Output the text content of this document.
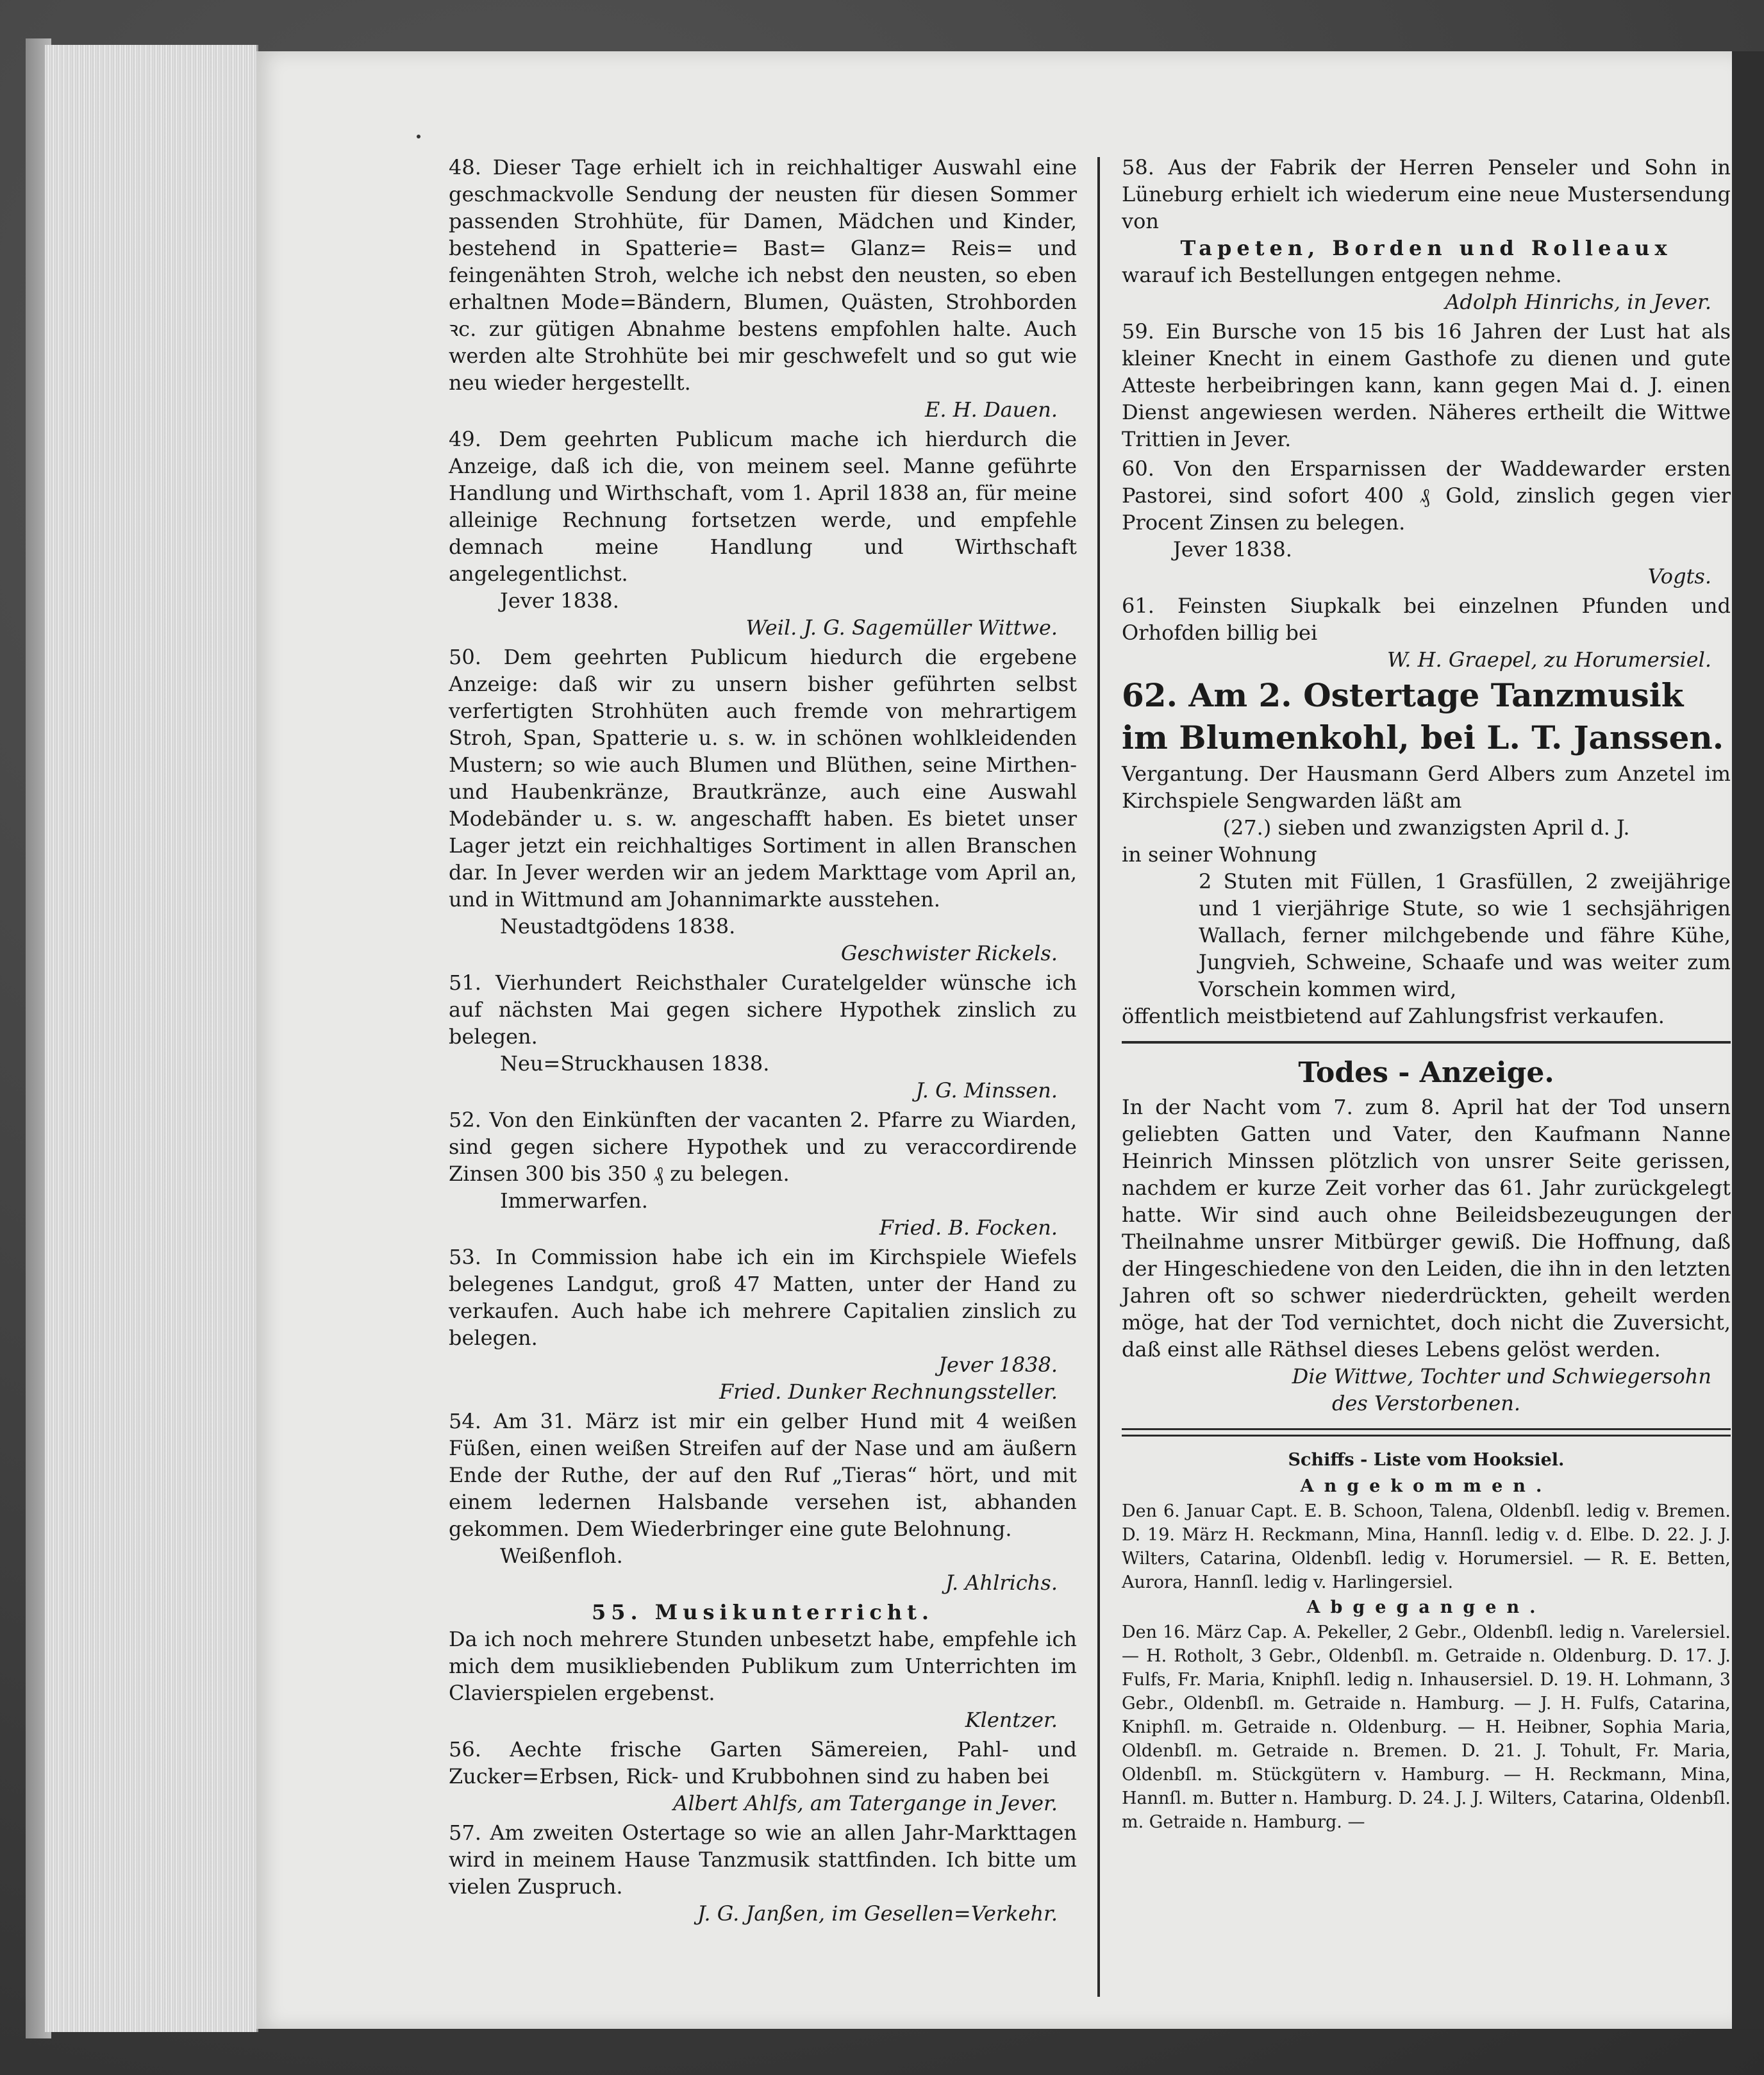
48. Dieser Tage erhielt ich in reichhaltiger Auswahl eine geschmackvolle Sendung der neusten für diesen Sommer passenden Strohhüte, für Damen, Mädchen und Kinder, bestehend in Spatterie= Bast= Glanz= Reis= und feingenähten Stroh, welche ich nebst den neusten, so eben erhaltnen Mode=Bändern, Blumen, Quästen, Strohborden ꝛc. zur gütigen Abnahme bestens empfohlen halte. Auch werden alte Strohhüte bei mir geschwefelt und so gut wie neu wieder hergestellt.

E. H. Dauen.

49. Dem geehrten Publicum mache ich hierdurch die Anzeige, daß ich die, von meinem seel. Manne geführte Handlung und Wirthschaft, vom 1. April 1838 an, für meine alleinige Rechnung fortsetzen werde, und empfehle demnach meine Handlung und Wirthschaft angelegentlichst.

Jever 1838.

Weil. J. G. Sagemüller Wittwe.

50. Dem geehrten Publicum hiedurch die ergebene Anzeige: daß wir zu unsern bisher geführten selbst verfertigten Strohhüten auch fremde von mehrartigem Stroh, Span, Spatterie u. s. w. in schönen wohlkleidenden Mustern; so wie auch Blumen und Blüthen, seine Mirthen- und Haubenkränze, Brautkränze, auch eine Auswahl Modebänder u. s. w. angeschafft haben. Es bietet unser Lager jetzt ein reichhaltiges Sortiment in allen Branschen dar. In Jever werden wir an jedem Markttage vom April an, und in Wittmund am Johannimarkte ausstehen.

Neustadtgödens 1838.

Geschwister Rickels.

51. Vierhundert Reichsthaler Curatelgelder wünsche ich auf nächsten Mai gegen sichere Hypothek zinslich zu belegen.

Neu=Struckhausen 1838.

J. G. Minssen.

52. Von den Einkünften der vacanten 2. Pfarre zu Wiarden, sind gegen sichere Hypothek und zu veraccordirende Zinsen 300 bis 350 ₰ zu belegen.

Immerwarfen.

Fried. B. Focken.

53. In Commission habe ich ein im Kirchspiele Wiefels belegenes Landgut, groß 47 Matten, unter der Hand zu verkaufen. Auch habe ich mehrere Capitalien zinslich zu belegen.

Jever 1838.

Fried. Dunker Rechnungssteller.

54. Am 31. März ist mir ein gelber Hund mit 4 weißen Füßen, einen weißen Streifen auf der Nase und am äußern Ende der Ruthe, der auf den Ruf „Tieras“ hört, und mit einem ledernen Halsbande versehen ist, abhanden gekommen. Dem Wiederbringer eine gute Belohnung.

Weißenfloh.

J. Ahlrichs.

55. Musikunterricht.

Da ich noch mehrere Stunden unbesetzt habe, empfehle ich mich dem musikliebenden Publikum zum Unterrichten im Clavierspielen ergebenst.

Klentzer.

56. Aechte frische Garten Sämereien, Pahl- und Zucker=Erbsen, Rick- und Krubbohnen sind zu haben bei

Albert Ahlfs, am Tatergange in Jever.

57. Am zweiten Ostertage so wie an allen Jahr-Markttagen wird in meinem Hause Tanzmusik stattfinden. Ich bitte um vielen Zuspruch.

J. G. Janßen, im Gesellen=Verkehr.

58. Aus der Fabrik der Herren Penseler und Sohn in Lüneburg erhielt ich wiederum eine neue Mustersendung von

Tapeten, Borden und Rolleaux

warauf ich Bestellungen entgegen nehme.

Adolph Hinrichs, in Jever.

59. Ein Bursche von 15 bis 16 Jahren der Lust hat als kleiner Knecht in einem Gasthofe zu dienen und gute Atteste herbeibringen kann, kann gegen Mai d. J. einen Dienst angewiesen werden. Näheres ertheilt die Wittwe Trittien in Jever.

60. Von den Ersparnissen der Waddewarder ersten Pastorei, sind sofort 400 ₰ Gold, zinslich gegen vier Procent Zinsen zu belegen.

Jever 1838.

Vogts.

61. Feinsten Siupkalk bei einzelnen Pfunden und Orhofden billig bei

W. H. Graepel, zu Horumersiel.

62. Am 2. Ostertage Tanzmusik

im Blumenkohl, bei L. T. Janssen.

Vergantung. Der Hausmann Gerd Albers zum Anzetel im Kirchspiele Sengwarden läßt am

(27.) sieben und zwanzigsten April d. J.

in seiner Wohnung

2 Stuten mit Füllen, 1 Grasfüllen, 2 zweijährige und 1 vierjährige Stute, so wie 1 sechsjährigen Wallach, ferner milchgebende und fähre Kühe, Jungvieh, Schweine, Schaafe und was weiter zum Vorschein kommen wird,

öffentlich meistbietend auf Zahlungsfrist verkaufen.

Todes - Anzeige.

In der Nacht vom 7. zum 8. April hat der Tod unsern geliebten Gatten und Vater, den Kaufmann Nanne Heinrich Minssen plötzlich von unsrer Seite gerissen, nachdem er kurze Zeit vorher das 61. Jahr zurückgelegt hatte. Wir sind auch ohne Beileidsbezeugungen der Theilnahme unsrer Mitbürger gewiß. Die Hoffnung, daß der Hingeschiedene von den Leiden, die ihn in den letzten Jahren oft so schwer niederdrückten, geheilt werden möge, hat der Tod vernichtet, doch nicht die Zuversicht, daß einst alle Räthsel dieses Lebens gelöst werden.

Die Wittwe, Tochter und Schwiegersohn

des Verstorbenen.

Schiffs - Liste vom Hooksiel.

Angekommen.

Den 6. Januar Capt. E. B. Schoon, Talena, Oldenbſl. ledig v. Bremen. D. 19. März H. Reckmann, Mina, Hannſl. ledig v. d. Elbe. D. 22. J. J. Wilters, Catarina, Oldenbſl. ledig v. Horumersiel. — R. E. Betten, Aurora, Hannſl. ledig v. Harlingersiel.

Abgegangen.

Den 16. März Cap. A. Pekeller, 2 Gebr., Oldenbſl. ledig n. Varelersiel. — H. Rotholt, 3 Gebr., Oldenbſl. m. Getraide n. Oldenburg. D. 17. J. Fulfs, Fr. Maria, Kniphſl. ledig n. Inhausersiel. D. 19. H. Lohmann, 3 Gebr., Oldenbſl. m. Getraide n. Hamburg. — J. H. Fulfs, Catarina, Kniphſl. m. Getraide n. Oldenburg. — H. Heibner, Sophia Maria, Oldenbſl. m. Getraide n. Bremen. D. 21. J. Tohult, Fr. Maria, Oldenbſl. m. Stückgütern v. Hamburg. — H. Reckmann, Mina, Hannſl. m. Butter n. Hamburg. D. 24. J. J. Wilters, Catarina, Oldenbſl. m. Getraide n. Hamburg. —
